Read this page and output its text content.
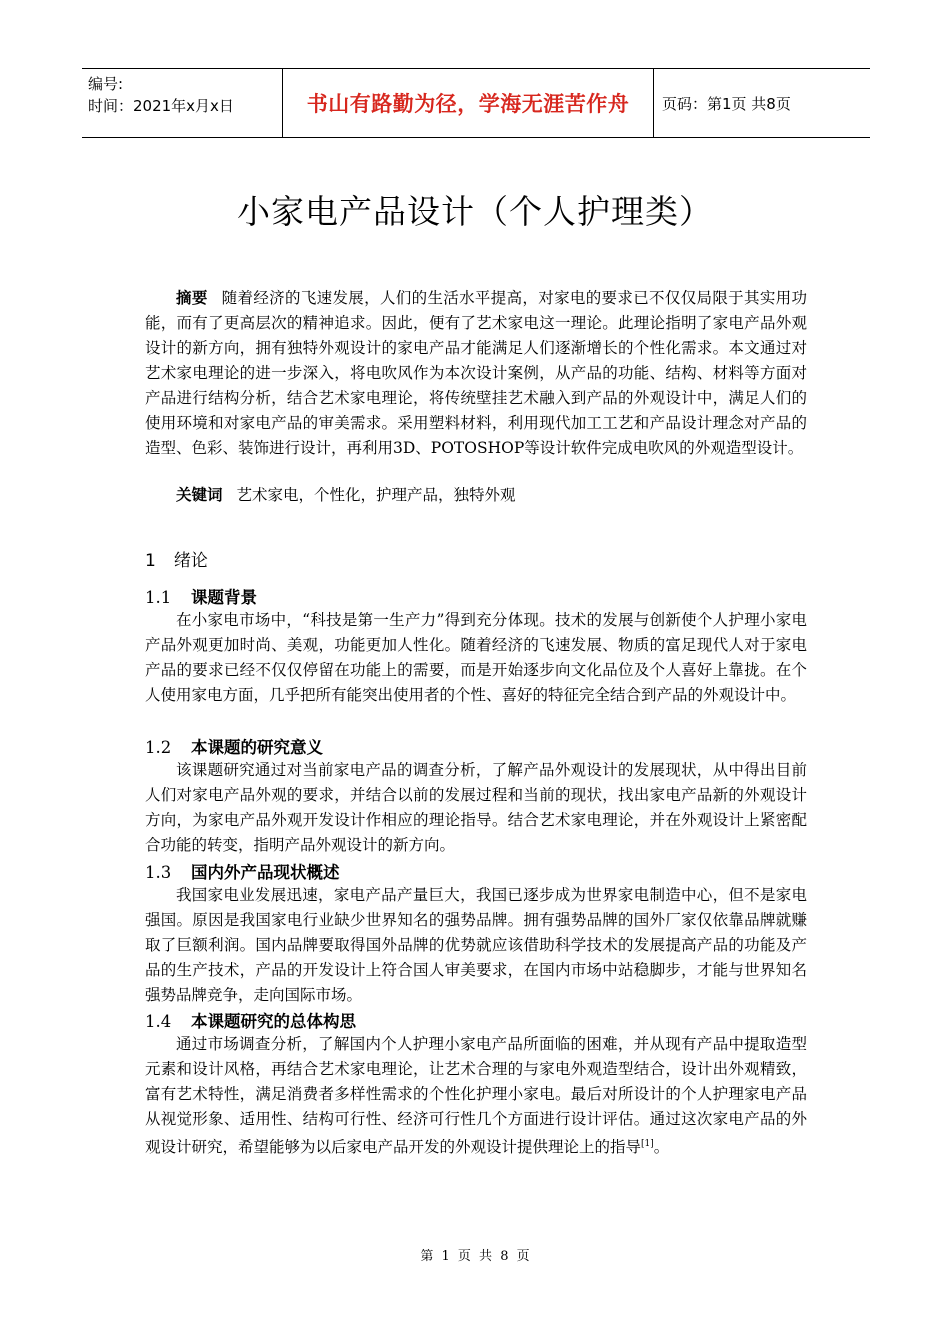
编号:
时间：2021年x月x日	书山有路勤为径，学海无涯苦作舟	页码：第1页 共8页
小家电产品设计（个人护理类）

摘要 随着经济的飞速发展，人们的生活水平提高，对家电的要求已不仅仅局限于其实用功能，而有了更高层次的精神追求。因此，便有了艺术家电这一理论。此理论指明了家电产品外观设计的新方向，拥有独特外观设计的家电产品才能满足人们逐渐增长的个性化需求。本文通过对艺术家电理论的进一步深入，将电吹风作为本次设计案例，从产品的功能、结构、材料等方面对产品进行结构分析，结合艺术家电理论，将传统壁挂艺术融入到产品的外观设计中，满足人们的使用环境和对家电产品的审美需求。采用塑料材料，利用现代加工工艺和产品设计理念对产品的造型、色彩、装饰进行设计，再利用3D、POTOSHOP等设计软件完成电吹风的外观造型设计。

关键词 艺术家电，个性化，护理产品，独特外观

1 绪论
1.1 课题背景

在小家电市场中，“科技是第一生产力”得到充分体现。技术的发展与创新使个人护理小家电产品外观更加时尚、美观，功能更加人性化。随着经济的飞速发展、物质的富足现代人对于家电产品的要求已经不仅仅停留在功能上的需要，而是开始逐步向文化品位及个人喜好上靠拢。在个人使用家电方面，几乎把所有能突出使用者的个性、喜好的特征完全结合到产品的外观设计中。

1.2 本课题的研究意义

该课题研究通过对当前家电产品的调查分析，了解产品外观设计的发展现状，从中得出目前人们对家电产品外观的要求，并结合以前的发展过程和当前的现状，找出家电产品新的外观设计方向，为家电产品外观开发设计作相应的理论指导。结合艺术家电理论，并在外观设计上紧密配合功能的转变，指明产品外观设计的新方向。

1.3 国内外产品现状概述

我国家电业发展迅速，家电产品产量巨大，我国已逐步成为世界家电制造中心，但不是家电强国。原因是我国家电行业缺少世界知名的强势品牌。拥有强势品牌的国外厂家仅依靠品牌就赚取了巨额利润。国内品牌要取得国外品牌的优势就应该借助科学技术的发展提高产品的功能及产品的生产技术，产品的开发设计上符合国人审美要求，在国内市场中站稳脚步，才能与世界知名强势品牌竞争，走向国际市场。

1.4 本课题研究的总体构思

通过市场调查分析，了解国内个人护理小家电产品所面临的困难，并从现有产品中提取造型元素和设计风格，再结合艺术家电理论，让艺术合理的与家电外观造型结合，设计出外观精致，富有艺术特性，满足消费者多样性需求的个性化护理小家电。最后对所设计的个人护理家电产品从视觉形象、适用性、结构可行性、经济可行性几个方面进行设计评估。通过这次家电产品的外观设计研究，希望能够为以后家电产品开发的外观设计提供理论上的指导[1]。

第 1 页 共 8 页
